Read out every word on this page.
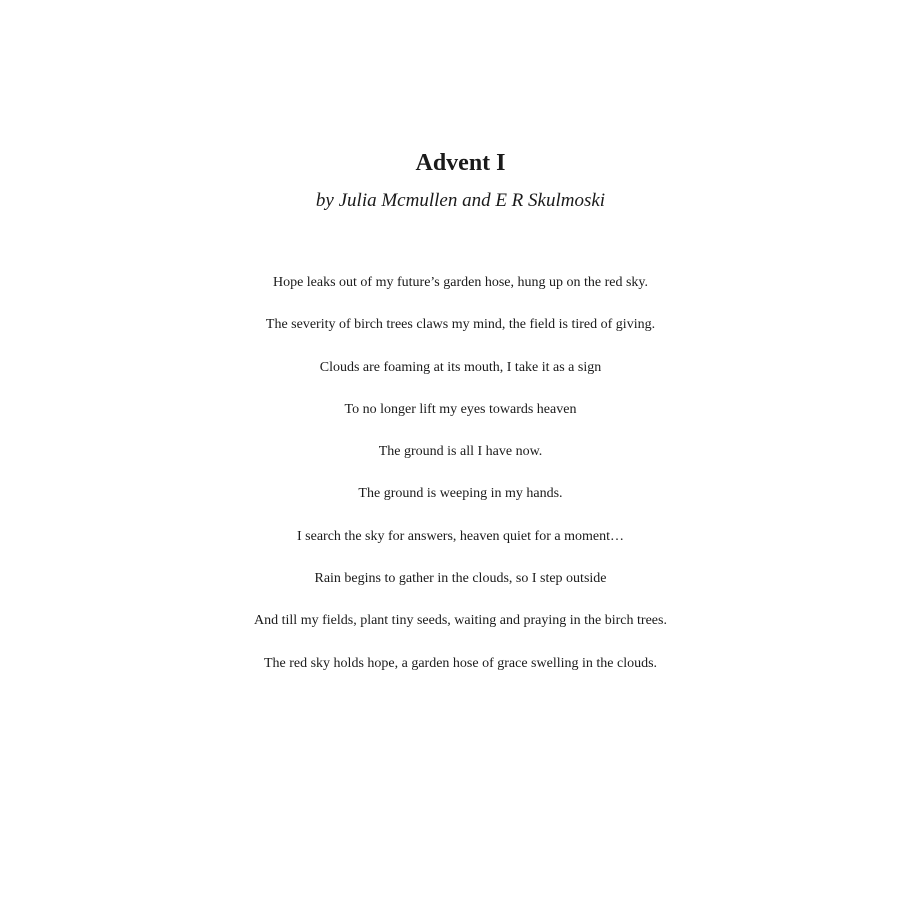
Advent I

by Julia Mcmullen and E R Skulmoski

Hope leaks out of my future’s garden hose, hung up on the red sky.
The severity of birch trees claws my mind, the field is tired of giving.
Clouds are foaming at its mouth, I take it as a sign
To no longer lift my eyes towards heaven
The ground is all I have now.
The ground is weeping in my hands.
I search the sky for answers, heaven quiet for a moment…
Rain begins to gather in the clouds, so I step outside
And till my fields, plant tiny seeds, waiting and praying in the birch trees.
The red sky holds hope, a garden hose of grace swelling in the clouds.
